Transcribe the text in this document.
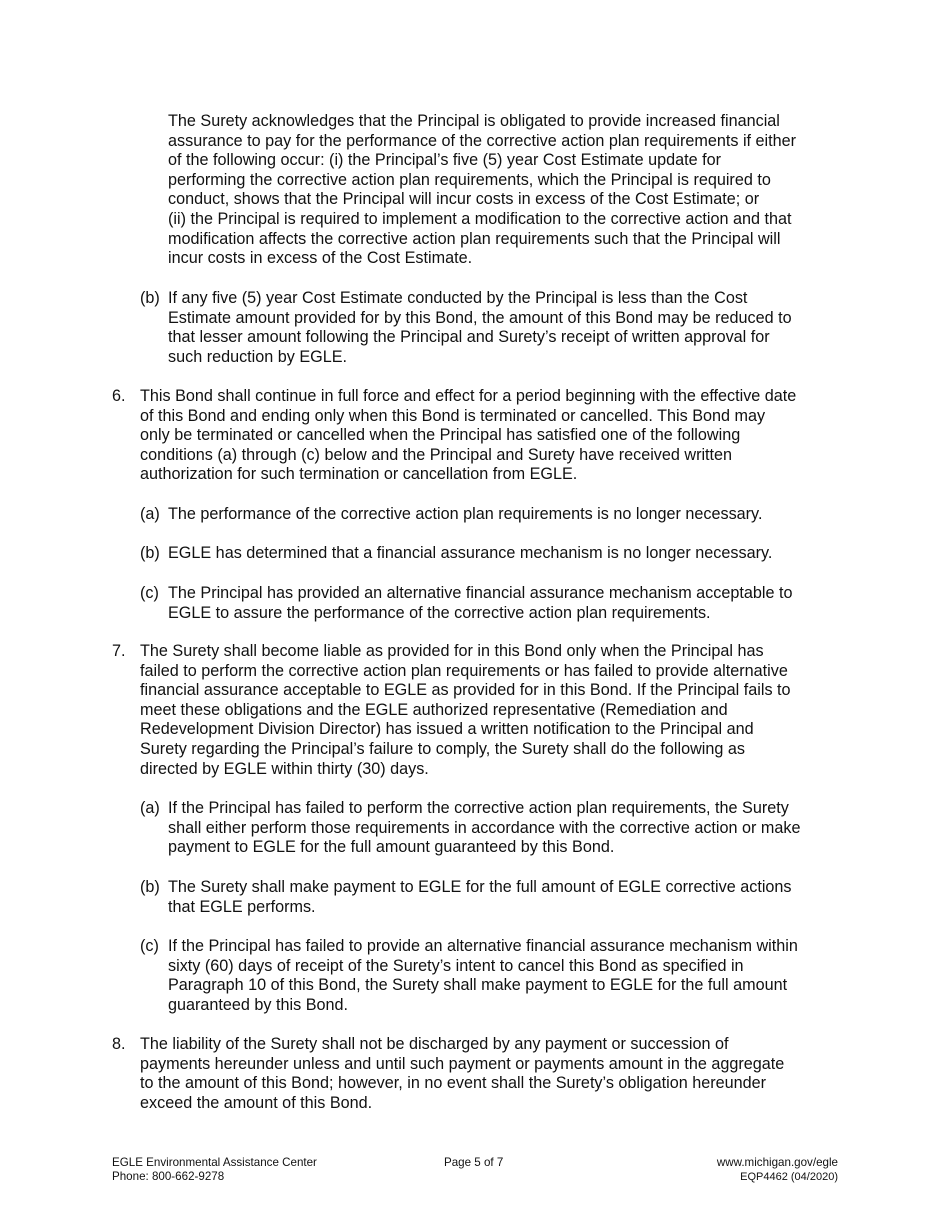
The Surety acknowledges that the Principal is obligated to provide increased financial
assurance to pay for the performance of the corrective action plan requirements if either
of the following occur: (i) the Principal’s five (5) year Cost Estimate update for
performing the corrective action plan requirements, which the Principal is required to
conduct, shows that the Principal will incur costs in excess of the Cost Estimate; or
(ii) the Principal is required to implement a modification to the corrective action and that
modification affects the corrective action plan requirements such that the Principal will
incur costs in excess of the Cost Estimate.
(b) If any five (5) year Cost Estimate conducted by the Principal is less than the Cost
Estimate amount provided for by this Bond, the amount of this Bond may be reduced to
that lesser amount following the Principal and Surety’s receipt of written approval for
such reduction by EGLE.
6. This Bond shall continue in full force and effect for a period beginning with the effective date
of this Bond and ending only when this Bond is terminated or cancelled. This Bond may
only be terminated or cancelled when the Principal has satisfied one of the following
conditions (a) through (c) below and the Principal and Surety have received written
authorization for such termination or cancellation from EGLE.
(a) The performance of the corrective action plan requirements is no longer necessary.
(b) EGLE has determined that a financial assurance mechanism is no longer necessary.
(c) The Principal has provided an alternative financial assurance mechanism acceptable to
EGLE to assure the performance of the corrective action plan requirements.
7. The Surety shall become liable as provided for in this Bond only when the Principal has
failed to perform the corrective action plan requirements or has failed to provide alternative
financial assurance acceptable to EGLE as provided for in this Bond. If the Principal fails to
meet these obligations and the EGLE authorized representative (Remediation and
Redevelopment Division Director) has issued a written notification to the Principal and
Surety regarding the Principal’s failure to comply, the Surety shall do the following as
directed by EGLE within thirty (30) days.
(a) If the Principal has failed to perform the corrective action plan requirements, the Surety
shall either perform those requirements in accordance with the corrective action or make
payment to EGLE for the full amount guaranteed by this Bond.
(b) The Surety shall make payment to EGLE for the full amount of EGLE corrective actions
that EGLE performs.
(c) If the Principal has failed to provide an alternative financial assurance mechanism within
sixty (60) days of receipt of the Surety’s intent to cancel this Bond as specified in
Paragraph 10 of this Bond, the Surety shall make payment to EGLE for the full amount
guaranteed by this Bond.
8. The liability of the Surety shall not be discharged by any payment or succession of
payments hereunder unless and until such payment or payments amount in the aggregate
to the amount of this Bond; however, in no event shall the Surety’s obligation hereunder
exceed the amount of this Bond.
EGLE Environmental Assistance Center
Phone: 800-662-9278
Page 5 of 7	www.michigan.gov/egle
EQP4462 (04/2020)
